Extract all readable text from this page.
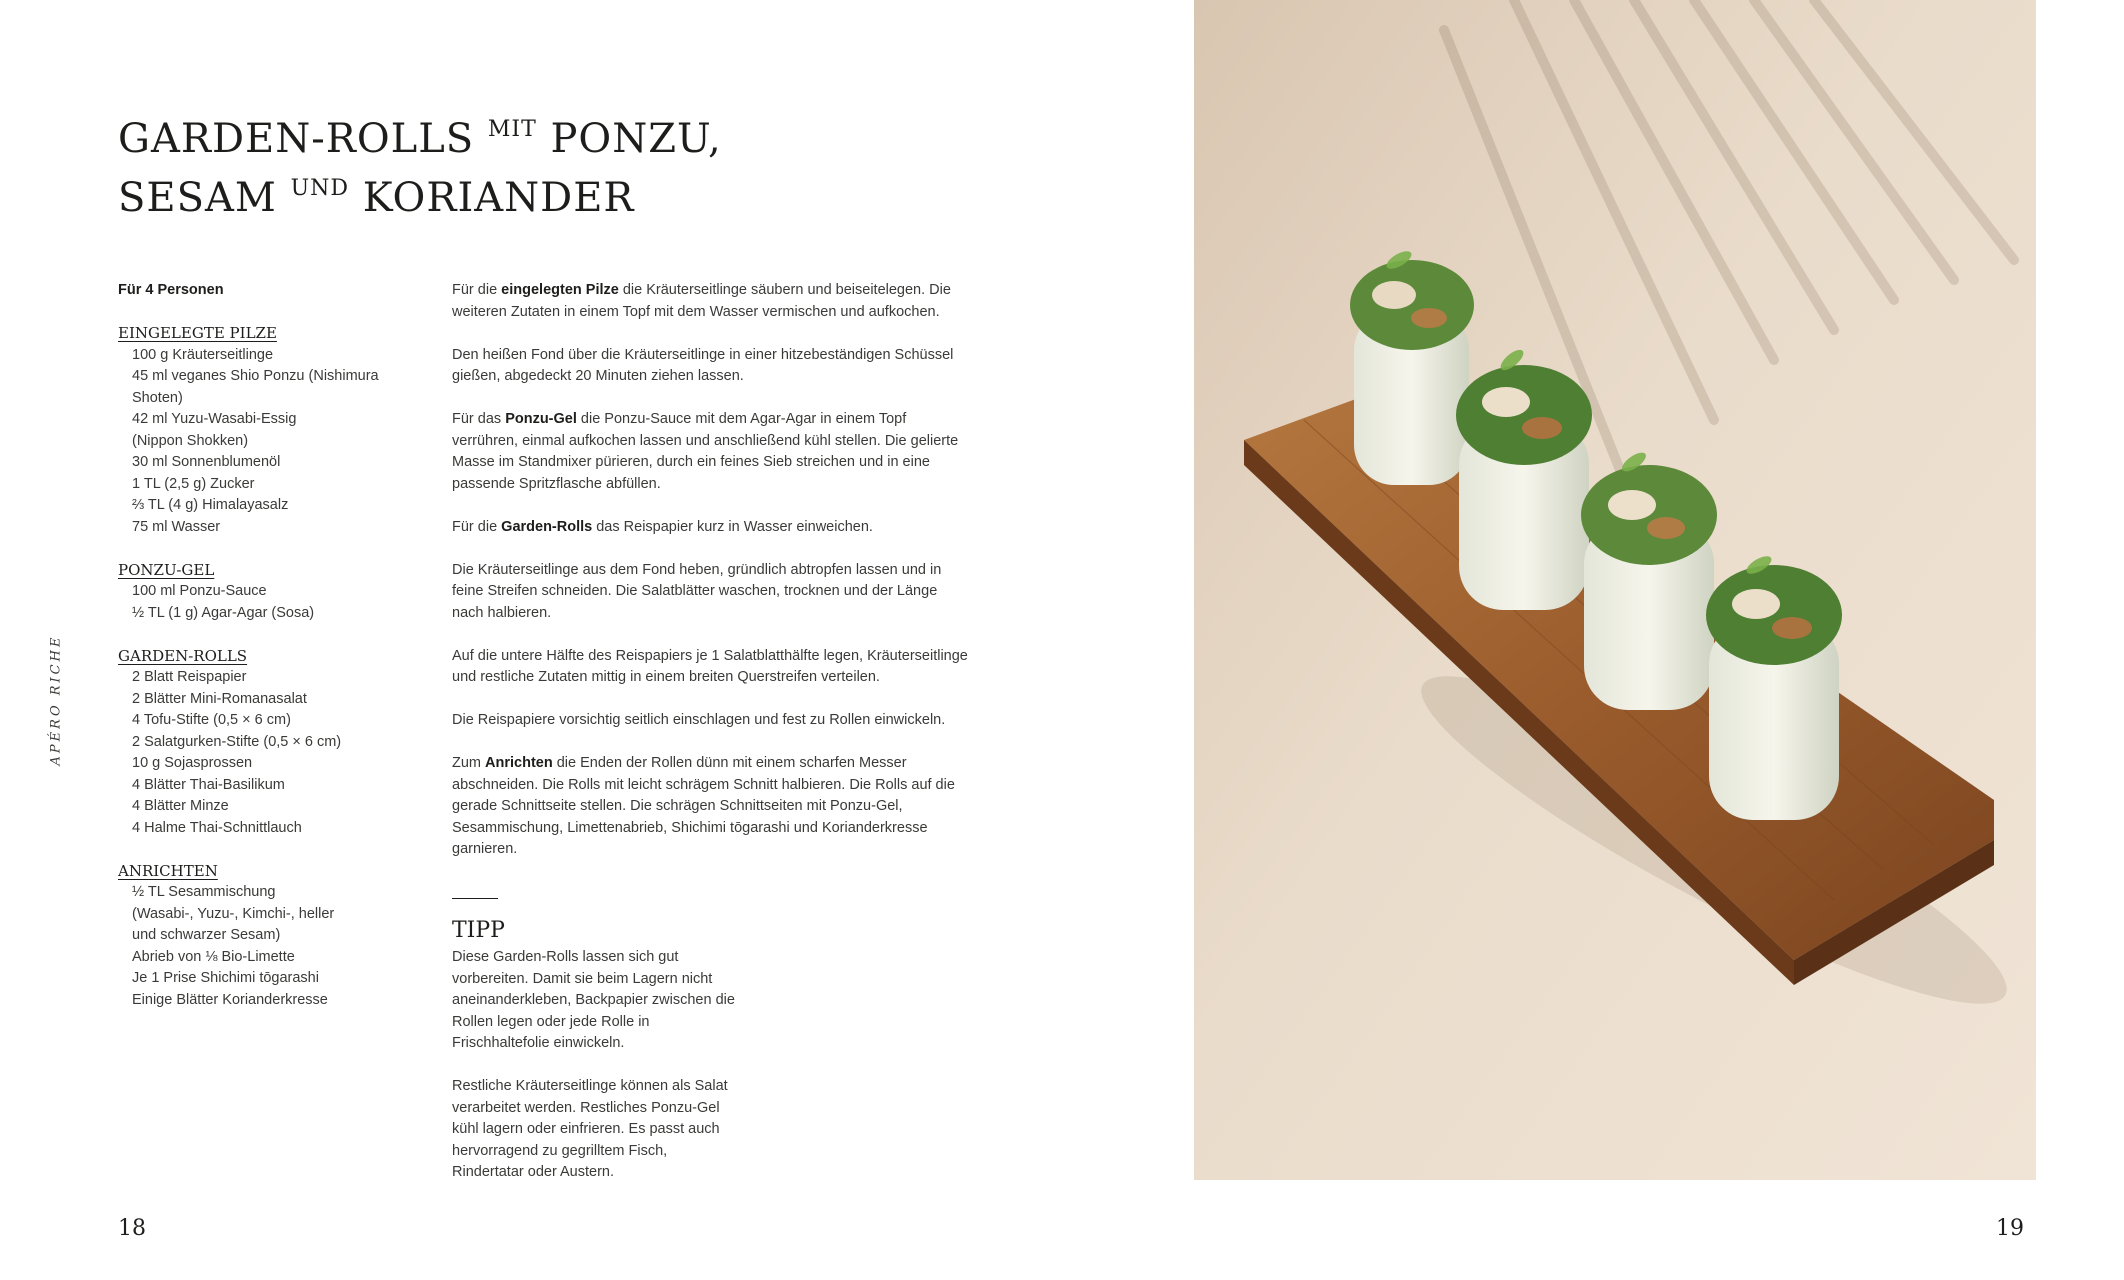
GARDEN-ROLLS $^{MIT}$ PONZU,
SESAM $^{UND}$ KORIANDER
APÉRO RICHE
Für 4 Personen
EINGELEGTE PILZE
100 g Kräuterseitlinge
45 ml veganes Shio Ponzu (Nishimura
Shoten)
42 ml Yuzu-Wasabi-Essig
(Nippon Shokken)
30 ml Sonnenblumenöl
1 TL (2,5 g) Zucker
⅔ TL (4 g) Himalayasalz
75 ml Wasser
PONZU-GEL
100 ml Ponzu-Sauce
½ TL (1 g) Agar-Agar (Sosa)
GARDEN-ROLLS
2 Blatt Reispapier
2 Blätter Mini-Romanasalat
4 Tofu-Stifte (0,5 × 6 cm)
2 Salatgurken-Stifte (0,5 × 6 cm)
10 g Sojasprossen
4 Blätter Thai-Basilikum
4 Blätter Minze
4 Halme Thai-Schnittlauch
ANRICHTEN
½ TL Sesammischung
(Wasabi-, Yuzu-, Kimchi-, heller
und schwarzer Sesam)
Abrieb von ⅛ Bio-Limette
Je 1 Prise Shichimi tōgarashi
Einige Blätter Korianderkresse

Für die eingelegten Pilze die Kräuterseitlinge säubern und beiseitelegen. Die weiteren Zutaten in einem Topf mit dem Wasser vermischen und aufkochen.

Den heißen Fond über die Kräuterseitlinge in einer hitzebeständigen Schüssel gießen, abgedeckt 20 Minuten ziehen lassen.

Für das Ponzu-Gel die Ponzu-Sauce mit dem Agar-Agar in einem Topf verrühren, einmal aufkochen lassen und anschließend kühl stellen. Die gelierte Masse im Standmixer pürieren, durch ein feines Sieb streichen und in eine passende Spritzflasche abfüllen.

Für die Garden-Rolls das Reispapier kurz in Wasser einweichen.

Die Kräuterseitlinge aus dem Fond heben, gründlich abtropfen lassen und in feine Streifen schneiden. Die Salatblätter waschen, trocknen und der Länge nach halbieren.

Auf die untere Hälfte des Reispapiers je 1 Salatblatthälfte legen, Kräuterseitlinge und restliche Zutaten mittig in einem breiten Querstreifen verteilen.

Die Reispapiere vorsichtig seitlich einschlagen und fest zu Rollen einwickeln.

Zum Anrichten die Enden der Rollen dünn mit einem scharfen Messer abschneiden. Die Rolls mit leicht schrägem Schnitt halbieren. Die Rolls auf die gerade Schnittseite stellen. Die schrägen Schnittseiten mit Ponzu-Gel, Sesammischung, Limettenabrieb, Shichimi tōgarashi und Korianderkresse garnieren.

TIPP

Diese Garden-Rolls lassen sich gut vorbereiten. Damit sie beim Lagern nicht aneinanderkleben, Backpapier zwischen die Rollen legen oder jede Rolle in Frischhaltefolie einwickeln.

Restliche Kräuterseitlinge können als Salat verarbeitet werden. Restliches Ponzu-Gel kühl lagern oder einfrieren. Es passt auch hervorragend zu gegrilltem Fisch, Rindertatar oder Austern.

18	19
